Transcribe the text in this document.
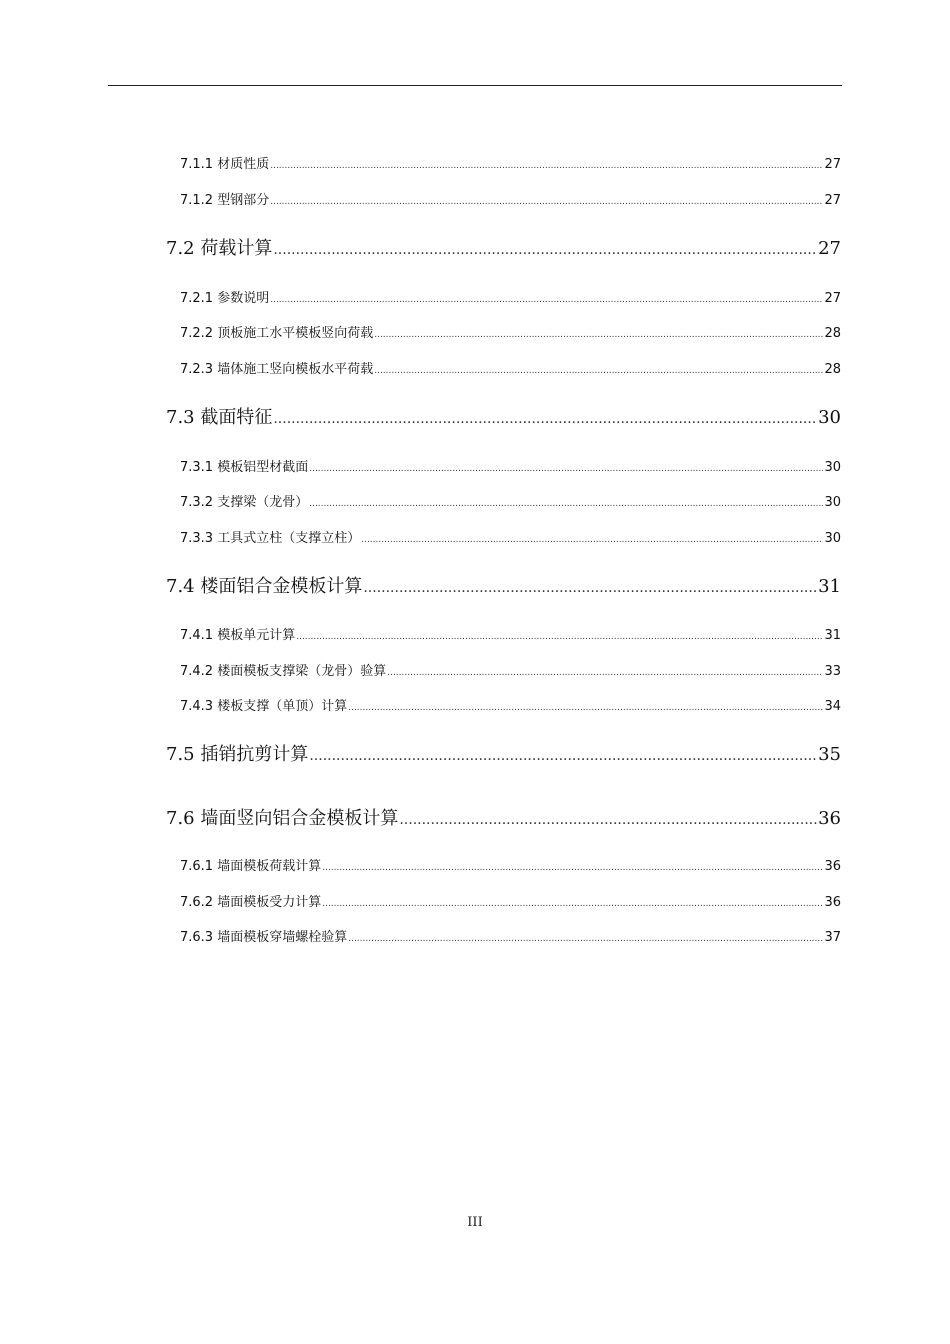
7.1.1 材质性质 .....	27
7.1.2 型钢部分 .....	27
7.2 荷载计算 .....	27
7.2.1 参数说明 .....	27
7.2.2 顶板施工水平模板竖向荷载 .....	28
7.2.3 墙体施工竖向模板水平荷载 .....	28
7.3 截面特征 .....	30
7.3.1 模板铝型材截面 .....	30
7.3.2 支撑梁（龙骨） .....	30
7.3.3 工具式立柱（支撑立柱） .....	30
7.4 楼面铝合金模板计算 .....	31
7.4.1 模板单元计算 .....	31
7.4.2 楼面模板支撑梁（龙骨）验算 .....	33
7.4.3 楼板支撑（单顶）计算 .....	34
7.5 插销抗剪计算 .....	35
7.6 墙面竖向铝合金模板计算 .....	36
7.6.1 墙面模板荷载计算 .....	36
7.6.2 墙面模板受力计算 .....	36
7.6.3 墙面模板穿墙螺栓验算 .....	37
III
